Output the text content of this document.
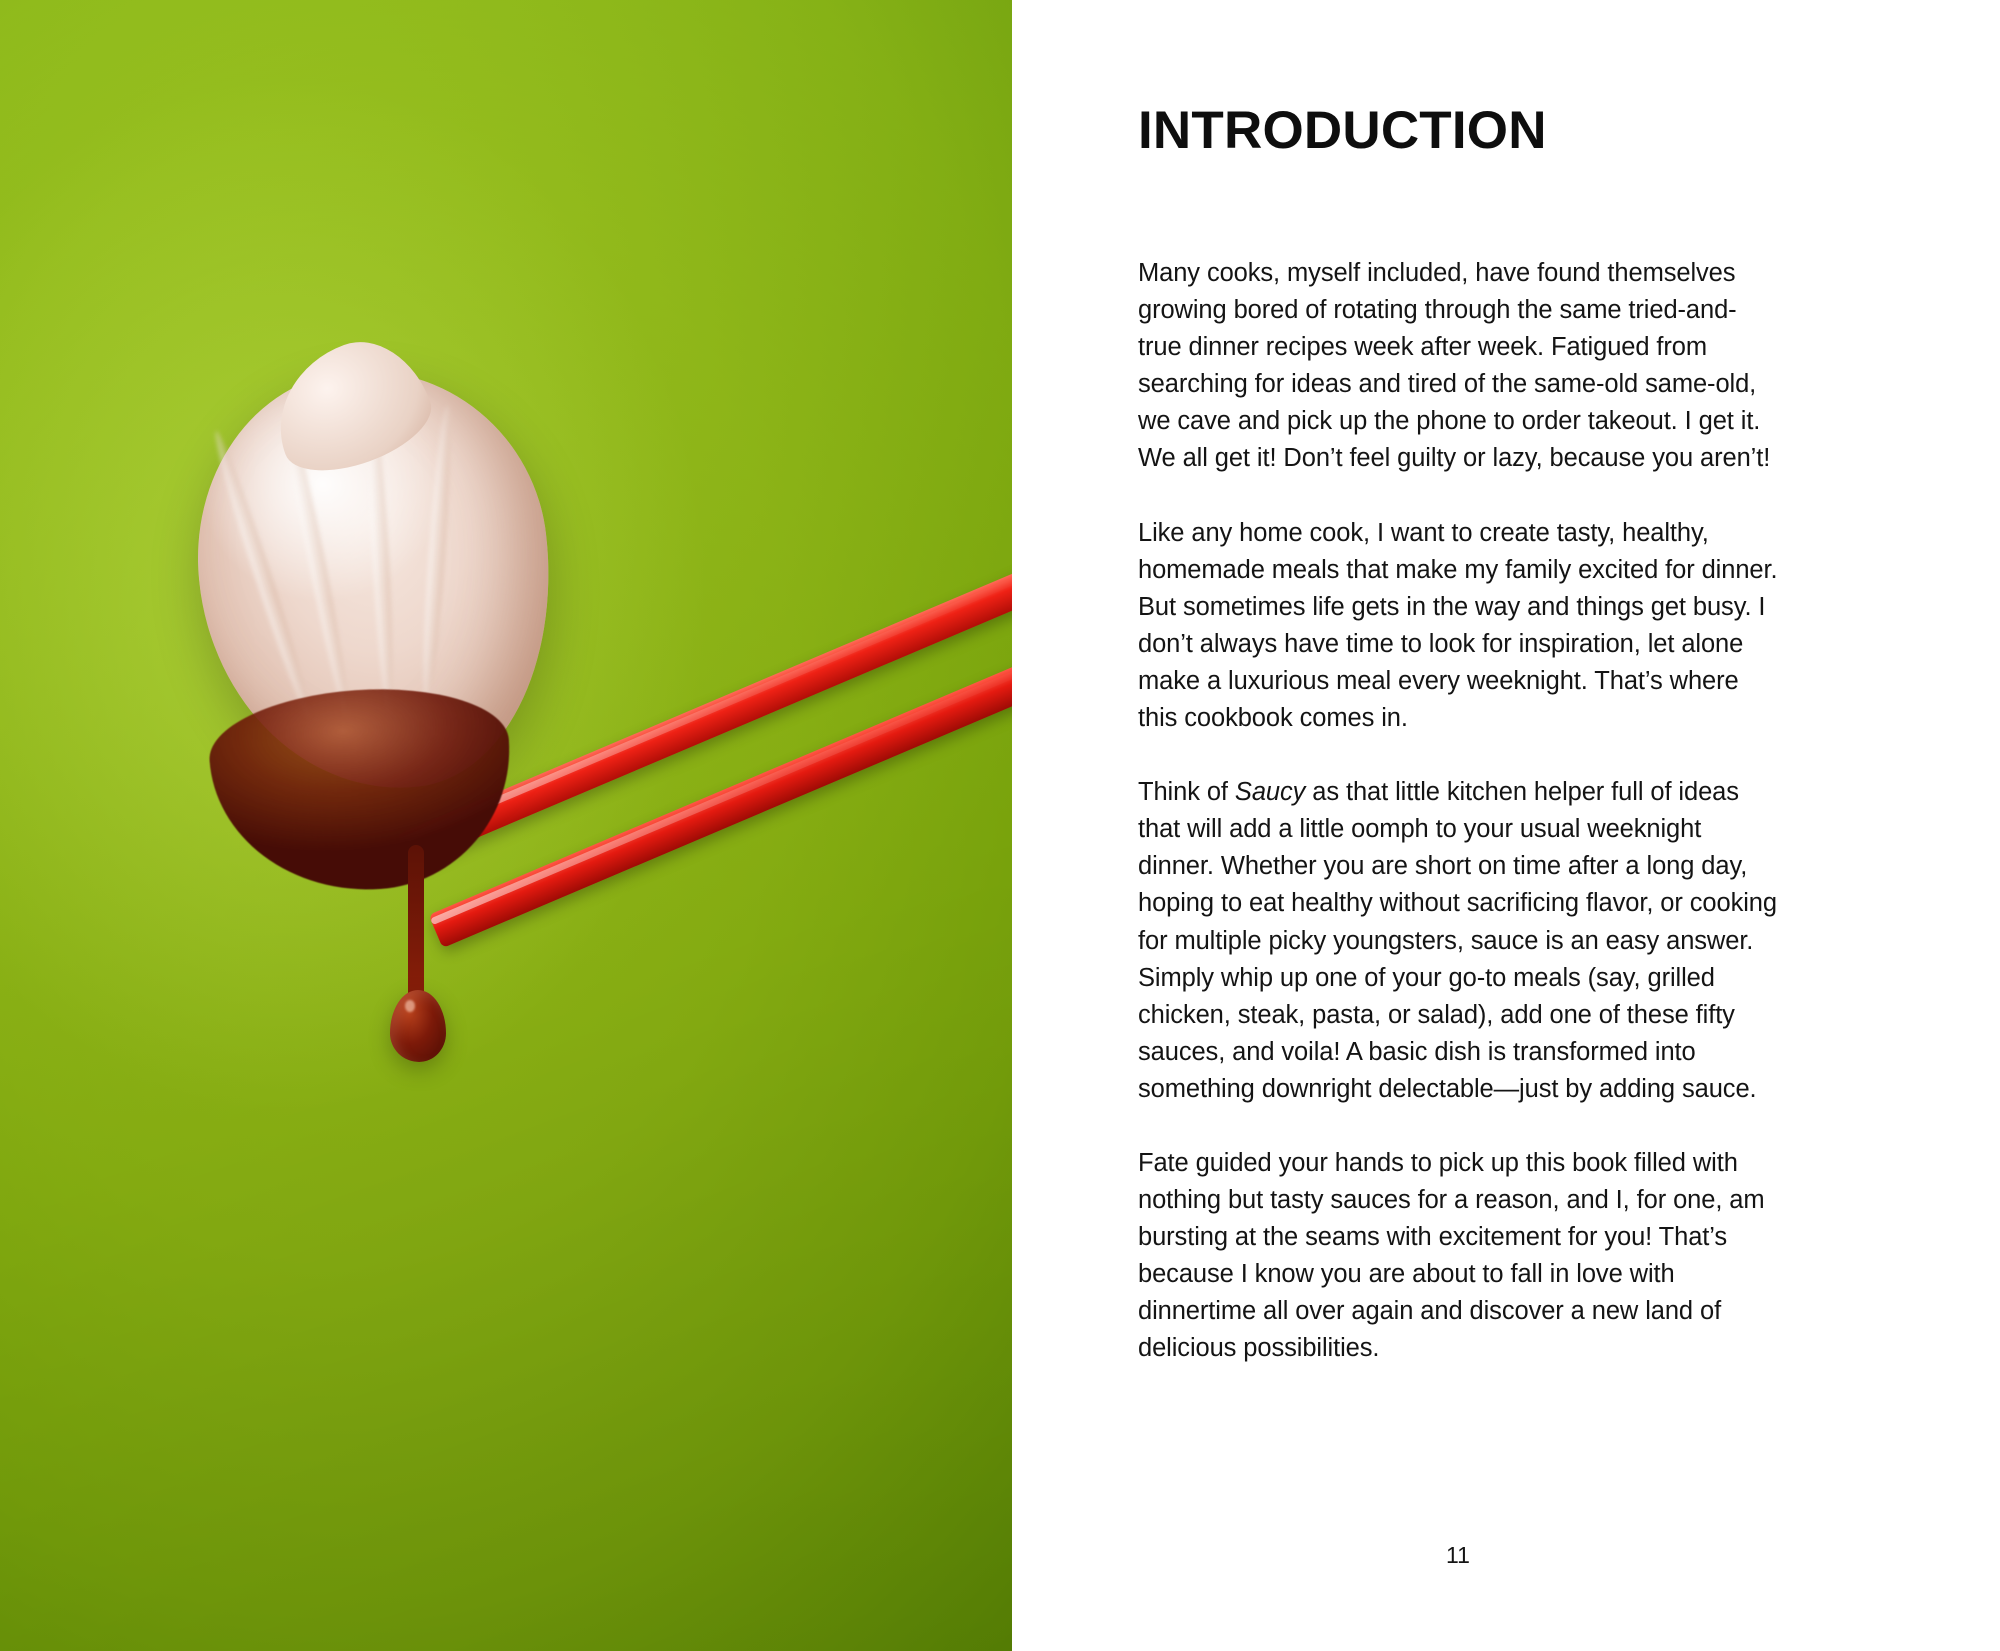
INTRODUCTION

Many cooks, myself included, have found themselves growing bored of rotating through the same tried-and-true dinner recipes week after week. Fatigued from searching for ideas and tired of the same-old same-old, we cave and pick up the phone to order takeout. I get it. We all get it! Don’t feel guilty or lazy, because you aren’t!

Like any home cook, I want to create tasty, healthy, homemade meals that make my family excited for dinner. But sometimes life gets in the way and things get busy. I don’t always have time to look for inspiration, let alone make a luxurious meal every weeknight. That’s where this cookbook comes in.

Think of Saucy as that little kitchen helper full of ideas that will add a little oomph to your usual weeknight dinner. Whether you are short on time after a long day, hoping to eat healthy without sacrificing flavor, or cooking for multiple picky youngsters, sauce is an easy answer. Simply whip up one of your go-to meals (say, grilled chicken, steak, pasta, or salad), add one of these fifty sauces, and voila! A basic dish is transformed into something downright delectable—just by adding sauce.

Fate guided your hands to pick up this book filled with nothing but tasty sauces for a reason, and I, for one, am bursting at the seams with excitement for you! That’s because I know you are about to fall in love with dinnertime all over again and discover a new land of delicious possibilities.

11
